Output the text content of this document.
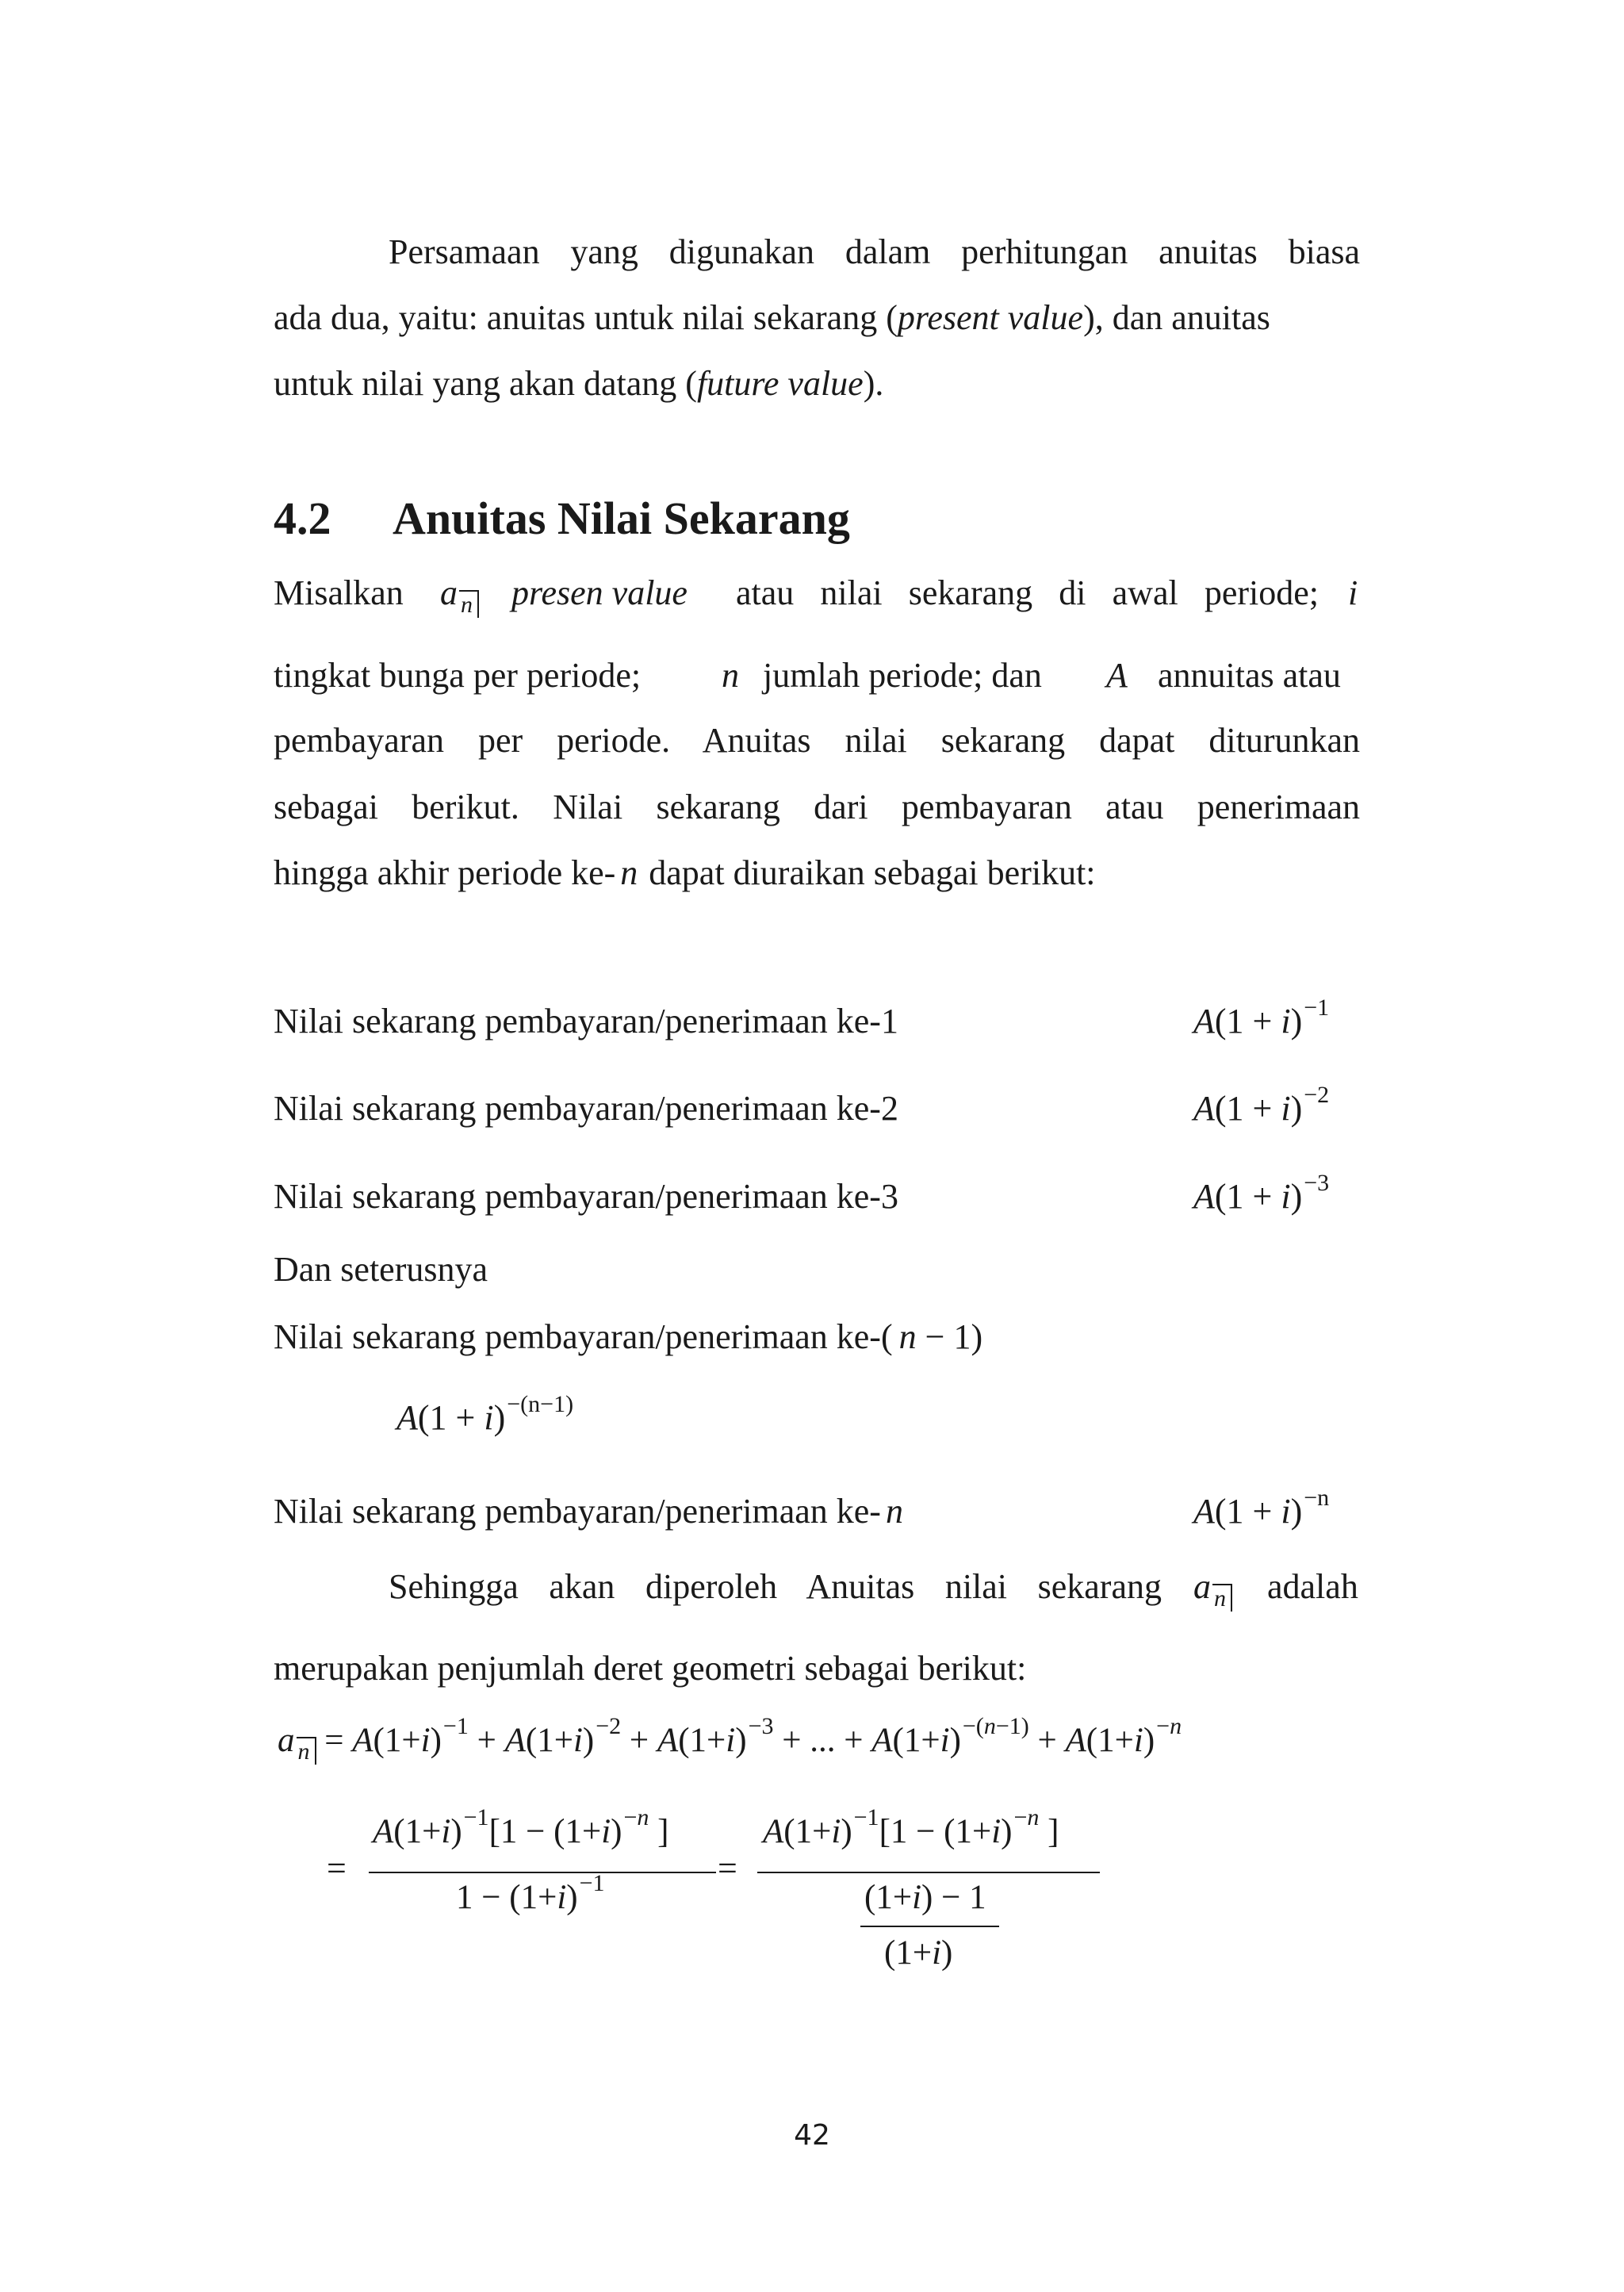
Persamaan yang digunakan dalam perhitungan anuitas biasa
ada dua, yaitu: anuitas untuk nilai sekarang (present value), dan anuitas
untuk nilai yang akan datang (future value).
4.2 Anuitas Nilai Sekarang
Misalkan a $_n$ presen value atau nilai sekarang di awal periode; i
tingkat bunga per periode; n jumlah periode; dan A annuitas atau
pembayaran per periode. Anuitas nilai sekarang dapat diturunkan
sebagai berikut. Nilai sekarang dari pembayaran atau penerimaan
hingga akhir periode ke- n dapat diuraikan sebagai berikut:
Nilai sekarang pembayaran/penerimaan ke-1	$A(1 + i)^{-1}$
Nilai sekarang pembayaran/penerimaan ke-2	$A(1 + i)^{-2}$
Nilai sekarang pembayaran/penerimaan ke-3	$A(1 + i)^{-3}$
Dan seterusnya
Nilai sekarang pembayaran/penerimaan ke-( n − 1)
$A(1 + i)^{-(n-1)}$
Nilai sekarang pembayaran/penerimaan ke- n	$A(1 + i)^{-n}$
Sehingga akan diperoleh Anuitas nilai sekarang a $_n$ adalah
merupakan penjumlah deret geometri sebagai berikut:
a $_n = A(1+i)^{-1} + A(1+i)^{-2} + A(1+i)^{-3}$ + ... + $A(1+i)^{-(n-1)} + A(1+i)^{-n}$
=
$A(1+i)^{-1}[1 - (1+i)^{-n}$ ]
$1 - (1+i)^{-1}$	=
$A(1+i)^{-1}[1 - (1+i)^{-n}$ ]
(1+i) − 1
(1+i)
42
